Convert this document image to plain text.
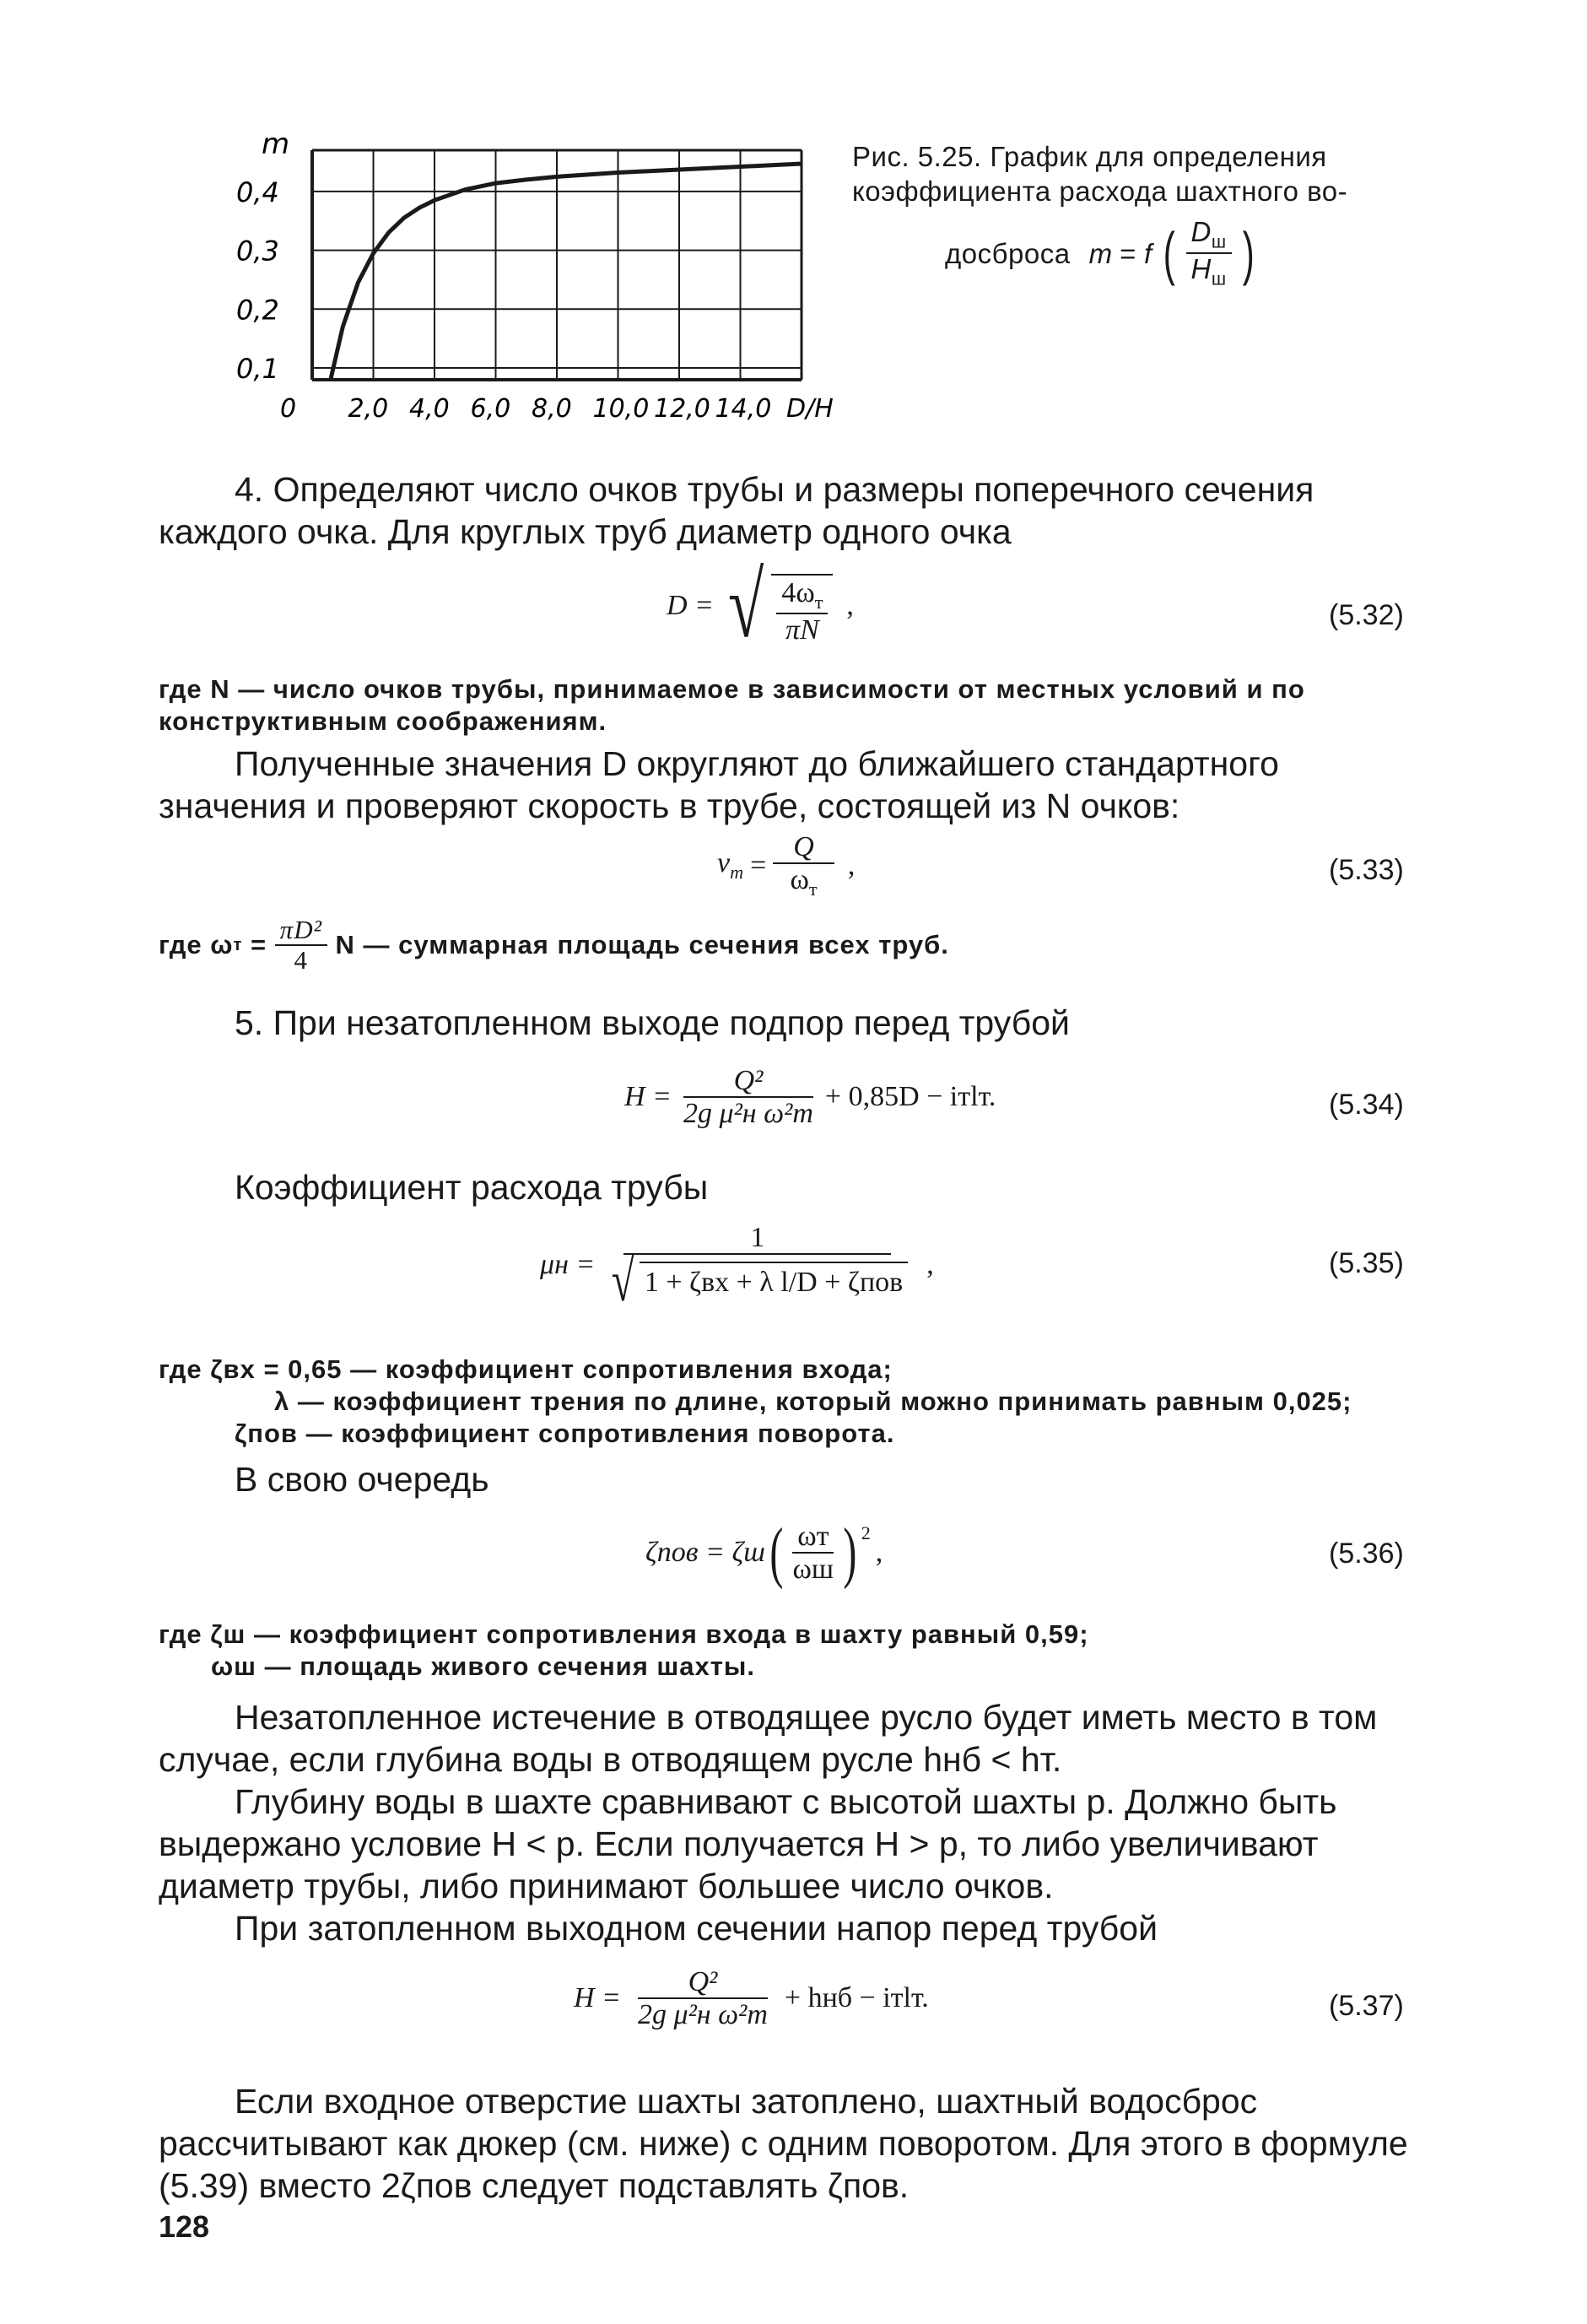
0,1
0,2
0,3
0,4
0 2,0 4,0 6,0 8,0 10,0 12,0 14,0 D/H
m	Рис. 5.25. График для определения
коэффициента расхода шахтного во-
досброса m = f ( $\frac{D_ш}{H_ш}$ )
4. Определяют число очков трубы и размеры поперечного сечения каждого очка. Для круглых труб диаметр одного очка
D = √ $\frac{4\omega_т}{\pi N}$ ,	(5.32)
где N — число очков трубы, принимаемое в зависимости от местных условий и по конструктивным соображениям.
Полученные значения D округляют до ближайшего стандартного значения и проверяют скорость в трубе, состоящей из N очков:
$v_т = \frac{Q}{\omega_т}$ ,	(5.33)
где ω $т = \frac{\text{πD²}}{4}$ N — суммарная площадь сечения всех труб.
5. При незатопленном выходе подпор перед трубой
$H = \frac{\text{Q²}}{\text{2g μ²н ω²т}} + 0,85D$ − iтlт.	(5.34)
Коэффициент расхода трубы
$\mu н = \frac{1}{\text{√ 1 + ζвх + λ l/D + ζпов}}$ ,	(5.35)
где ζвх = 0,65 — коэффициент сопротивления входа;
λ — коэффициент трения по длине, который можно принимать равным 0,025;
ζпов — коэффициент сопротивления поворота.
В свою очередь
ζпов = ζш ( $\frac{\omega т}{\omega ш} )^2$
,	(5.36)
где ζш — коэффициент сопротивления входа в шахту равный 0,59;
ωш — площадь живого сечения шахты.
Незатопленное истечение в отводящее русло будет иметь место в том случае, если глубина воды в отводящем русле hнб < hт.
Глубину воды в шахте сравнивают с высотой шахты p. Должно быть выдержано условие H < p. Если получается H > p, то либо увеличивают диаметр трубы, либо принимают большее число очков.
При затопленном выходном сечении напор перед трубой
$H = \frac{\text{Q²}}{\text{2g μ²н ω²т}}$ + hнб − iтlт.	(5.37)
Если входное отверстие шахты затоплено, шахтный водосброс рассчитывают как дюкер (см. ниже) с одним поворотом. Для этого в формуле (5.39) вместо 2ζпов следует подставлять ζпов.
128
